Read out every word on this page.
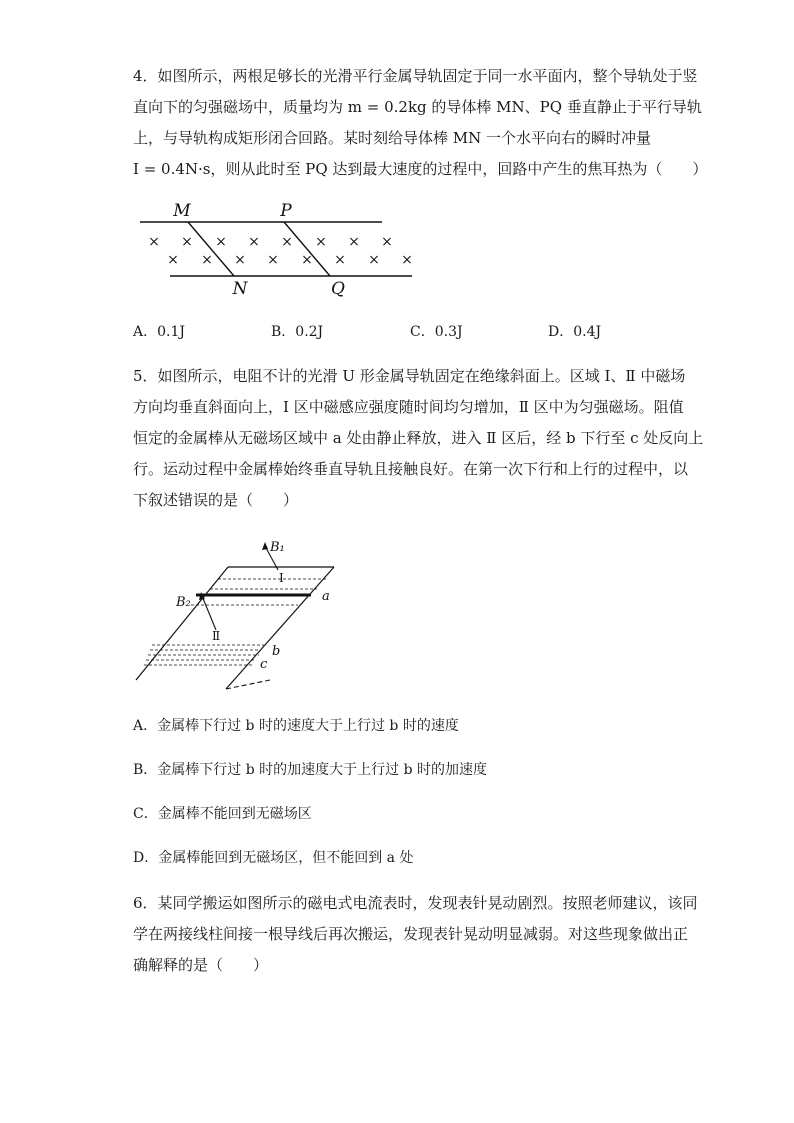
4．如图所示，两根足够长的光滑平行金属导轨固定于同一水平面内，整个导轨处于竖
直向下的匀强磁场中，质量均为 m = 0.2kg 的导体棒 MN、PQ 垂直静止于平行导轨
上，与导轨构成矩形闭合回路。某时刻给导体棒 MN 一个水平向右的瞬时冲量
I = 0.4N·s，则从此时至 PQ 达到最大速度的过程中，回路中产生的焦耳热为（　　）
× × × × × × × ×
× × × × × × × ×
M	P
N	Q
A．0.1J	B．0.2J	C．0.3J	D．0.4J
5．如图所示，电阻不计的光滑 U 形金属导轨固定在绝缘斜面上。区域 Ⅰ、Ⅱ 中磁场
方向均垂直斜面向上，Ⅰ 区中磁感应强度随时间均匀增加，Ⅱ 区中为匀强磁场。阻值
恒定的金属棒从无磁场区域中 a 处由静止释放，进入 Ⅱ 区后，经 b 下行至 c 处反向上
行。运动过程中金属棒始终垂直导轨且接触良好。在第一次下行和上行的过程中，以
下叙述错误的是（　　）
B₁
B₂
Ⅰ
Ⅱ
a
b
c
A．金属棒下行过 b 时的速度大于上行过 b 时的速度
B．金属棒下行过 b 时的加速度大于上行过 b 时的加速度
C．金属棒不能回到无磁场区
D．金属棒能回到无磁场区，但不能回到 a 处
6．某同学搬运如图所示的磁电式电流表时，发现表针晃动剧烈。按照老师建议，该同
学在两接线柱间接一根导线后再次搬运，发现表针晃动明显减弱。对这些现象做出正
确解释的是（　　）
